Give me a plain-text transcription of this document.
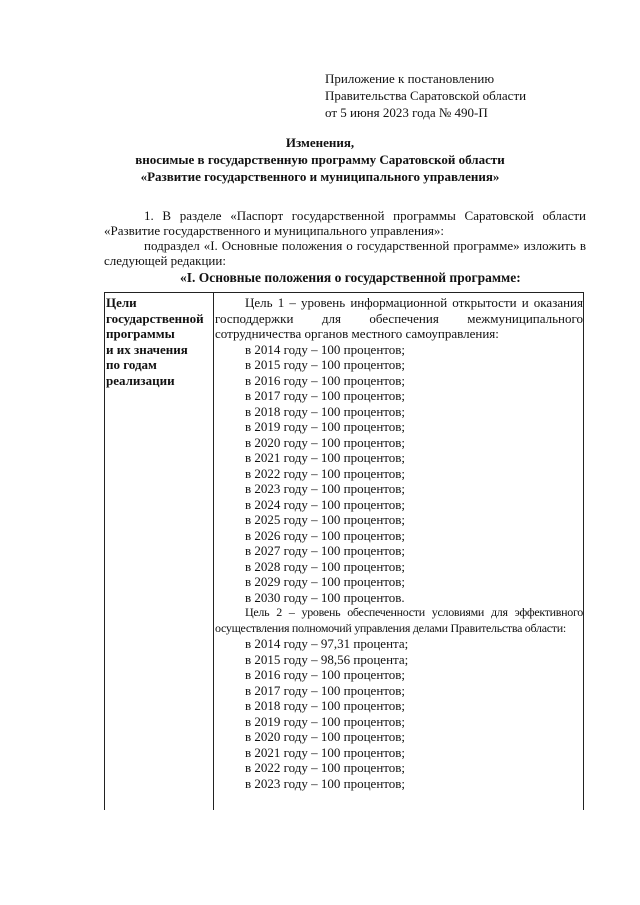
Приложение к постановлению
Правительства Саратовской области
от 5 июня 2023 года № 490-П
Изменения,
вносимые в государственную программу Саратовской области
«Развитие государственного и муниципального управления»

1. В разделе «Паспорт государственной программы Саратовской области «Развитие государственного и муниципального управления»:

подраздел «I. Основные положения о государственной программе» изложить в следующей редакции:

«I. Основные положения о государственной программе:
Цели
государственной
программы
и их значения
по годам
реализации
Цель 1 – уровень информационной открытости и оказания господдержки для обеспечения межмуниципального сотрудничества органов местного самоуправления:
в 2014 году – 100 процентов;
в 2015 году – 100 процентов;
в 2016 году – 100 процентов;
в 2017 году – 100 процентов;
в 2018 году – 100 процентов;
в 2019 году – 100 процентов;
в 2020 году – 100 процентов;
в 2021 году – 100 процентов;
в 2022 году – 100 процентов;
в 2023 году – 100 процентов;
в 2024 году – 100 процентов;
в 2025 году – 100 процентов;
в 2026 году – 100 процентов;
в 2027 году – 100 процентов;
в 2028 году – 100 процентов;
в 2029 году – 100 процентов;
в 2030 году – 100 процентов.
Цель 2 – уровень обеспеченности условиями для эффективного осуществления полномочий управления делами Правительства области:
в 2014 году – 97,31 процента;
в 2015 году – 98,56 процента;
в 2016 году – 100 процентов;
в 2017 году – 100 процентов;
в 2018 году – 100 процентов;
в 2019 году – 100 процентов;
в 2020 году – 100 процентов;
в 2021 году – 100 процентов;
в 2022 году – 100 процентов;
в 2023 году – 100 процентов;
